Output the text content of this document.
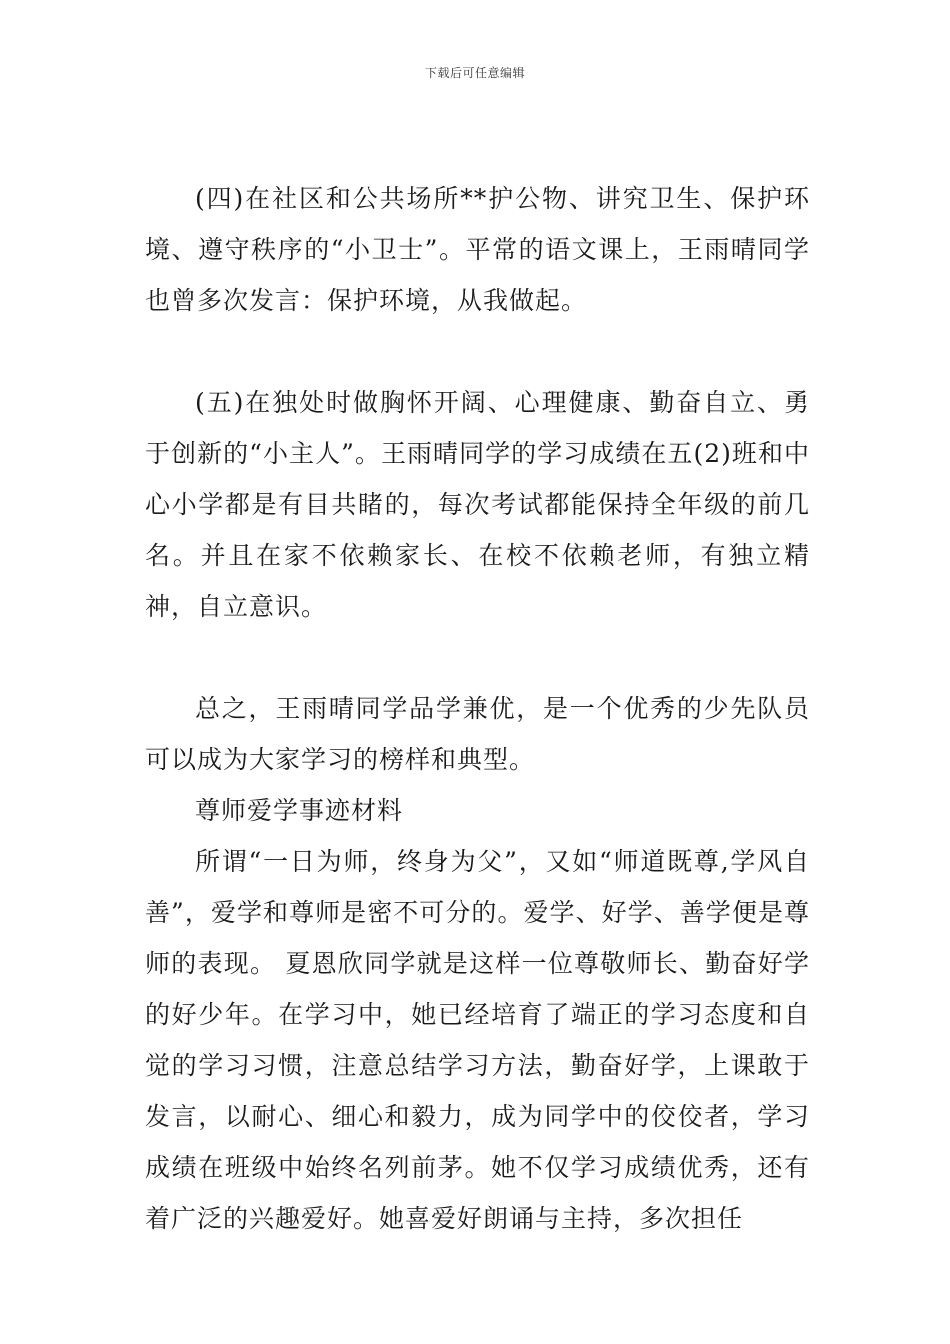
下载后可任意编辑

(四)在社区和公共场所**护公物、讲究卫生、保护环境、遵守秩序的“小卫士”。平常的语文课上，王雨晴同学也曾多次发言：保护环境，从我做起。

(五)在独处时做胸怀开阔、心理健康、勤奋自立、勇于创新的“小主人”。王雨晴同学的学习成绩在五(2)班和中心小学都是有目共睹的，每次考试都能保持全年级的前几名。并且在家不依赖家长、在校不依赖老师，有独立精神，自立意识。

总之，王雨晴同学品学兼优，是一个优秀的少先队员可以成为大家学习的榜样和典型。

尊师爱学事迹材料

所谓“一日为师，终身为父”，又如“师道既尊,学风自善”，爱学和尊师是密不可分的。爱学、好学、善学便是尊师的表现。 夏恩欣同学就是这样一位尊敬师长、勤奋好学的好少年。在学习中，她已经培育了端正的学习态度和自觉的学习习惯，注意总结学习方法，勤奋好学，上课敢于发言，以耐心、细心和毅力，成为同学中的佼佼者，学习成绩在班级中始终名列前茅。她不仅学习成绩优秀，还有着广泛的兴趣爱好。她喜爱好朗诵与主持，多次担任
